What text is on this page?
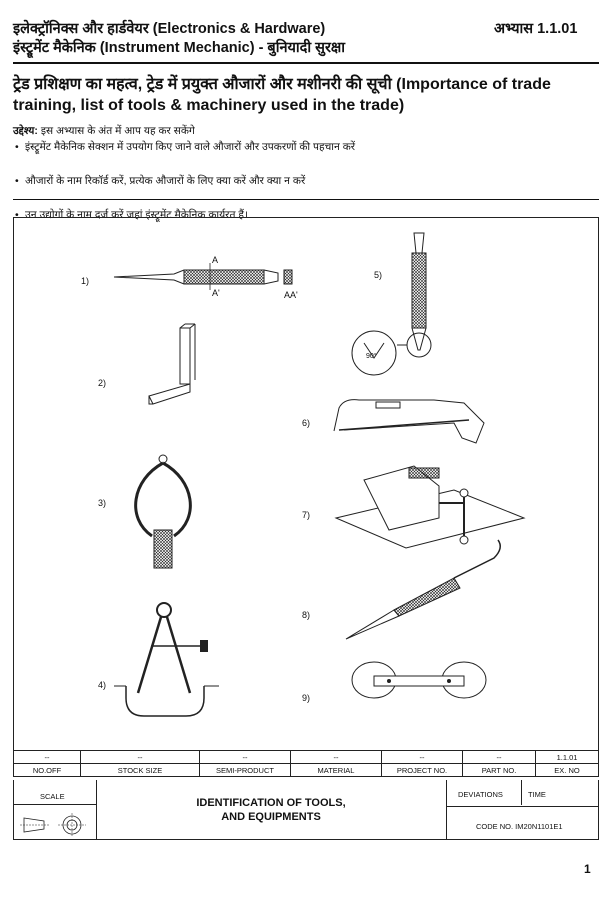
इलेक्ट्रॉनिक्स और हार्डवेयर (Electronics & Hardware)
इंस्ट्रूमेंट मैकेनिक (Instrument Mechanic) - बुनियादी सुरक्षा
अभ्यास 1.1.01
ट्रेड प्रशिक्षण का महत्व, ट्रेड में प्रयुक्त औजारों और मशीनरी की सूची (Importance of trade training, list of tools & machinery used in the trade)
उद्देश्य: इस अभ्यास के अंत में आप यह कर सकेंगे
• इंस्ट्रूमेंट मैकेनिक सेक्शन में उपयोग किए जाने वाले औजारों और उपकरणों की पहचान करें
• औजारों के नाम रिकॉर्ड करें, प्रत्येक औजारों के लिए क्या करें और क्या न करें
• उन उद्योगों के नाम दर्ज करें जहां इंस्ट्रूमेंट मैकेनिक कार्यरत हैं।
1)
A
A'	AA'
2)
3)
4)
5)
90°
6)
7)
8)
9)
--	--	--	--	--	--	1.1.01
NO.OFF	STOCK SIZE	SEMI-PRODUCT	MATERIAL	PROJECT NO.	PART NO.	EX. NO
SCALE
IDENTIFICATION OF TOOLS,
AND EQUIPMENTS
DEVIATIONS	TIME
CODE NO. IM20N1101E1
1
